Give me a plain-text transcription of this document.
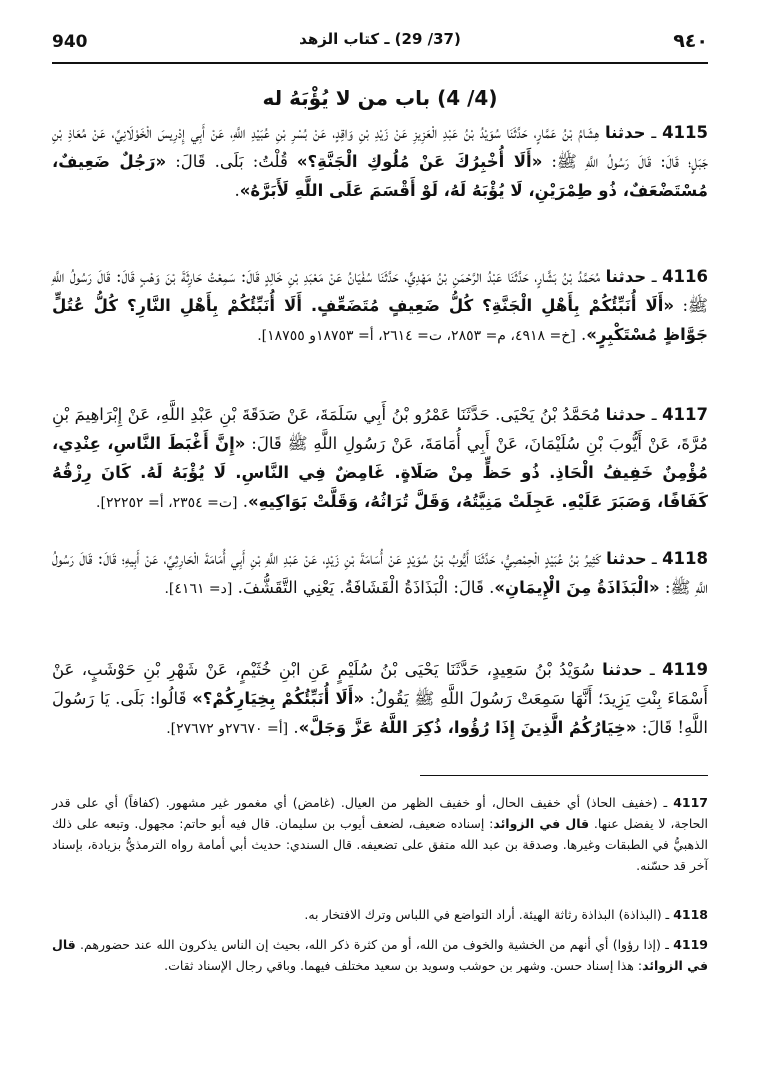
940	(37/ 29) ـ كتاب الزهد	٩٤٠
(4/ 4) باب من لا يُؤْبَهُ له
4115 ـ حدثنا هِشَامُ بْنُ عَمَّارٍ، حَدَّثَنَا سُوَيْدُ بْنُ عَبْدِ الْعَزِيزِ عَنْ زَيْدِ بْنِ وَاقِدٍ، عَنْ بُسْرِ بْنِ عُبَيْدِ اللَّهِ، عَنْ أَبِي إِدْرِيسَ الْخَوْلَانِيِّ، عَنْ مُعَاذِ بْنِ جَبَلٍ؛ قَالَ: قَالَ رَسُولُ اللَّهِ ﷺ: «أَلَا أُخْبِرُكَ عَنْ مُلُوكِ الْجَنَّةِ؟» قُلْتُ: بَلَى. قَالَ: «رَجُلٌ ضَعِيفٌ، مُسْتَضْعَفٌ، ذُو طِمْرَيْنِ، لَا يُؤْبَهُ لَهُ، لَوْ أَقْسَمَ عَلَى اللَّهِ لَأَبَرَّهُ».
4116 ـ حدثنا مُحَمَّدُ بْنُ بَشَّارٍ، حَدَّثَنَا عَبْدُ الرَّحْمَنِ بْنُ مَهْدِيٍّ، حَدَّثَنَا سُفْيَانُ عَنْ مَعْبَدِ بْنِ خَالِدٍ قَالَ: سَمِعْتُ حَارِثَةَ بْنَ وَهْبٍ قَالَ: قَالَ رَسُولُ اللَّهِ ﷺ: «أَلَا أُنَبِّئُكُمْ بِأَهْلِ الْجَنَّةِ؟ كُلُّ ضَعِيفٍ مُتَضَعِّفٍ. أَلَا أُنَبِّئُكُمْ بِأَهْلِ النَّارِ؟ كُلُّ عُتُلٍّ جَوَّاظٍ مُسْتَكْبِرٍ». [خ= ٤٩١٨، م= ٢٨٥٣، ت= ٢٦١٤، أ= ١٨٧٥٣و ١٨٧٥٥].
4117 ـ حدثنا مُحَمَّدُ بْنُ يَحْيَى. حَدَّثَنَا عَمْرُو بْنُ أَبِي سَلَمَةَ، عَنْ صَدَقَةَ بْنِ عَبْدِ اللَّهِ، عَنْ إِبْرَاهِيمَ بْنِ مُرَّةَ، عَنْ أَيُّوبَ بْنِ سُلَيْمَانَ، عَنْ أَبِي أُمَامَةَ، عَنْ رَسُولِ اللَّهِ ﷺ قَالَ: «إِنَّ أَغْبَطَ النَّاسِ، عِنْدِي، مُؤْمِنٌ خَفِيفُ الْحَاذِ. ذُو حَظٍّ مِنْ صَلَاةٍ. غَامِضٌ فِي النَّاسِ. لَا يُؤْبَهُ لَهُ. كَانَ رِزْقُهُ كَفَافًا، وَصَبَرَ عَلَيْهِ. عَجِلَتْ مَنِيَّتُهُ، وَقَلَّ تُرَاثُهُ، وَقَلَّتْ بَوَاكِيهِ». [ت= ٢٣٥٤، أ= ٢٢٢٥٢].
4118 ـ حدثنا كَثِيرُ بْنُ عُبَيْدٍ الْحِمْصِيُّ، حَدَّثَنَا أَيُّوبُ بْنُ سُوَيْدٍ عَنْ أُسَامَةَ بْنِ زَيْدٍ، عَنْ عَبْدِ اللَّهِ بْنِ أَبِي أُمَامَةَ الْحَارِثِيِّ، عَنْ أَبِيهِ؛ قَالَ: قَالَ رَسُولُ اللَّهِ ﷺ: «الْبَذَاذَةُ مِنَ الْإِيمَانِ». قَالَ: الْبَذَاذَةُ الْقَشَافَةُ. يَعْنِي التَّقَشُّفَ. [د= ٤١٦١].
4119 ـ حدثنا سُوَيْدُ بْنُ سَعِيدٍ، حَدَّثَنَا يَحْيَى بْنُ سُلَيْمٍ عَنِ ابْنِ خُثَيْمٍ، عَنْ شَهْرِ بْنِ حَوْشَبٍ، عَنْ أَسْمَاءَ بِنْتِ يَزِيدَ؛ أَنَّهَا سَمِعَتْ رَسُولَ اللَّهِ ﷺ يَقُولُ: «أَلَا أُنَبِّئُكُمْ بِخِيَارِكُمْ؟» قَالُوا: بَلَى. يَا رَسُولَ اللَّهِ! قَالَ: «خِيَارُكُمُ الَّذِينَ إِذَا رُؤُوا، ذُكِرَ اللَّهُ عَزَّ وَجَلَّ». [أ= ٢٧٦٧٠و ٢٧٦٧٢].
4117 ـ (خفيف الحاذ) أي خفيف الحال، أو خفيف الظهر من العيال. (غامض) أي مغمور غير مشهور. (كفافاً) أي على قدر الحاجة، لا يفضل عنها. قال في الزوائد: إسناده ضعيف، لضعف أيوب بن سليمان. قال فيه أبو حاتم: مجهول. وتبعه على ذلك الذهبيُّ في الطبقات وغيرها. وصدقة بن عبد الله متفق على تضعيفه. قال السندي: حديث أبي أمامة رواه الترمذيُّ بزيادة، بإسناد آخر قد حسّنه.
4118 ـ (البذاذة) البذاذة رثاثة الهيئة. أراد التواضع في اللباس وترك الافتخار به.
4119 ـ (إذا رؤوا) أي أنهم من الخشية والخوف من الله، أو من كثرة ذكر الله، بحيث إن الناس يذكرون الله عند حضورهم. قال في الزوائد: هذا إسناد حسن. وشهر بن حوشب وسويد بن سعيد مختلف فيهما. وباقي رجال الإسناد ثقات.
